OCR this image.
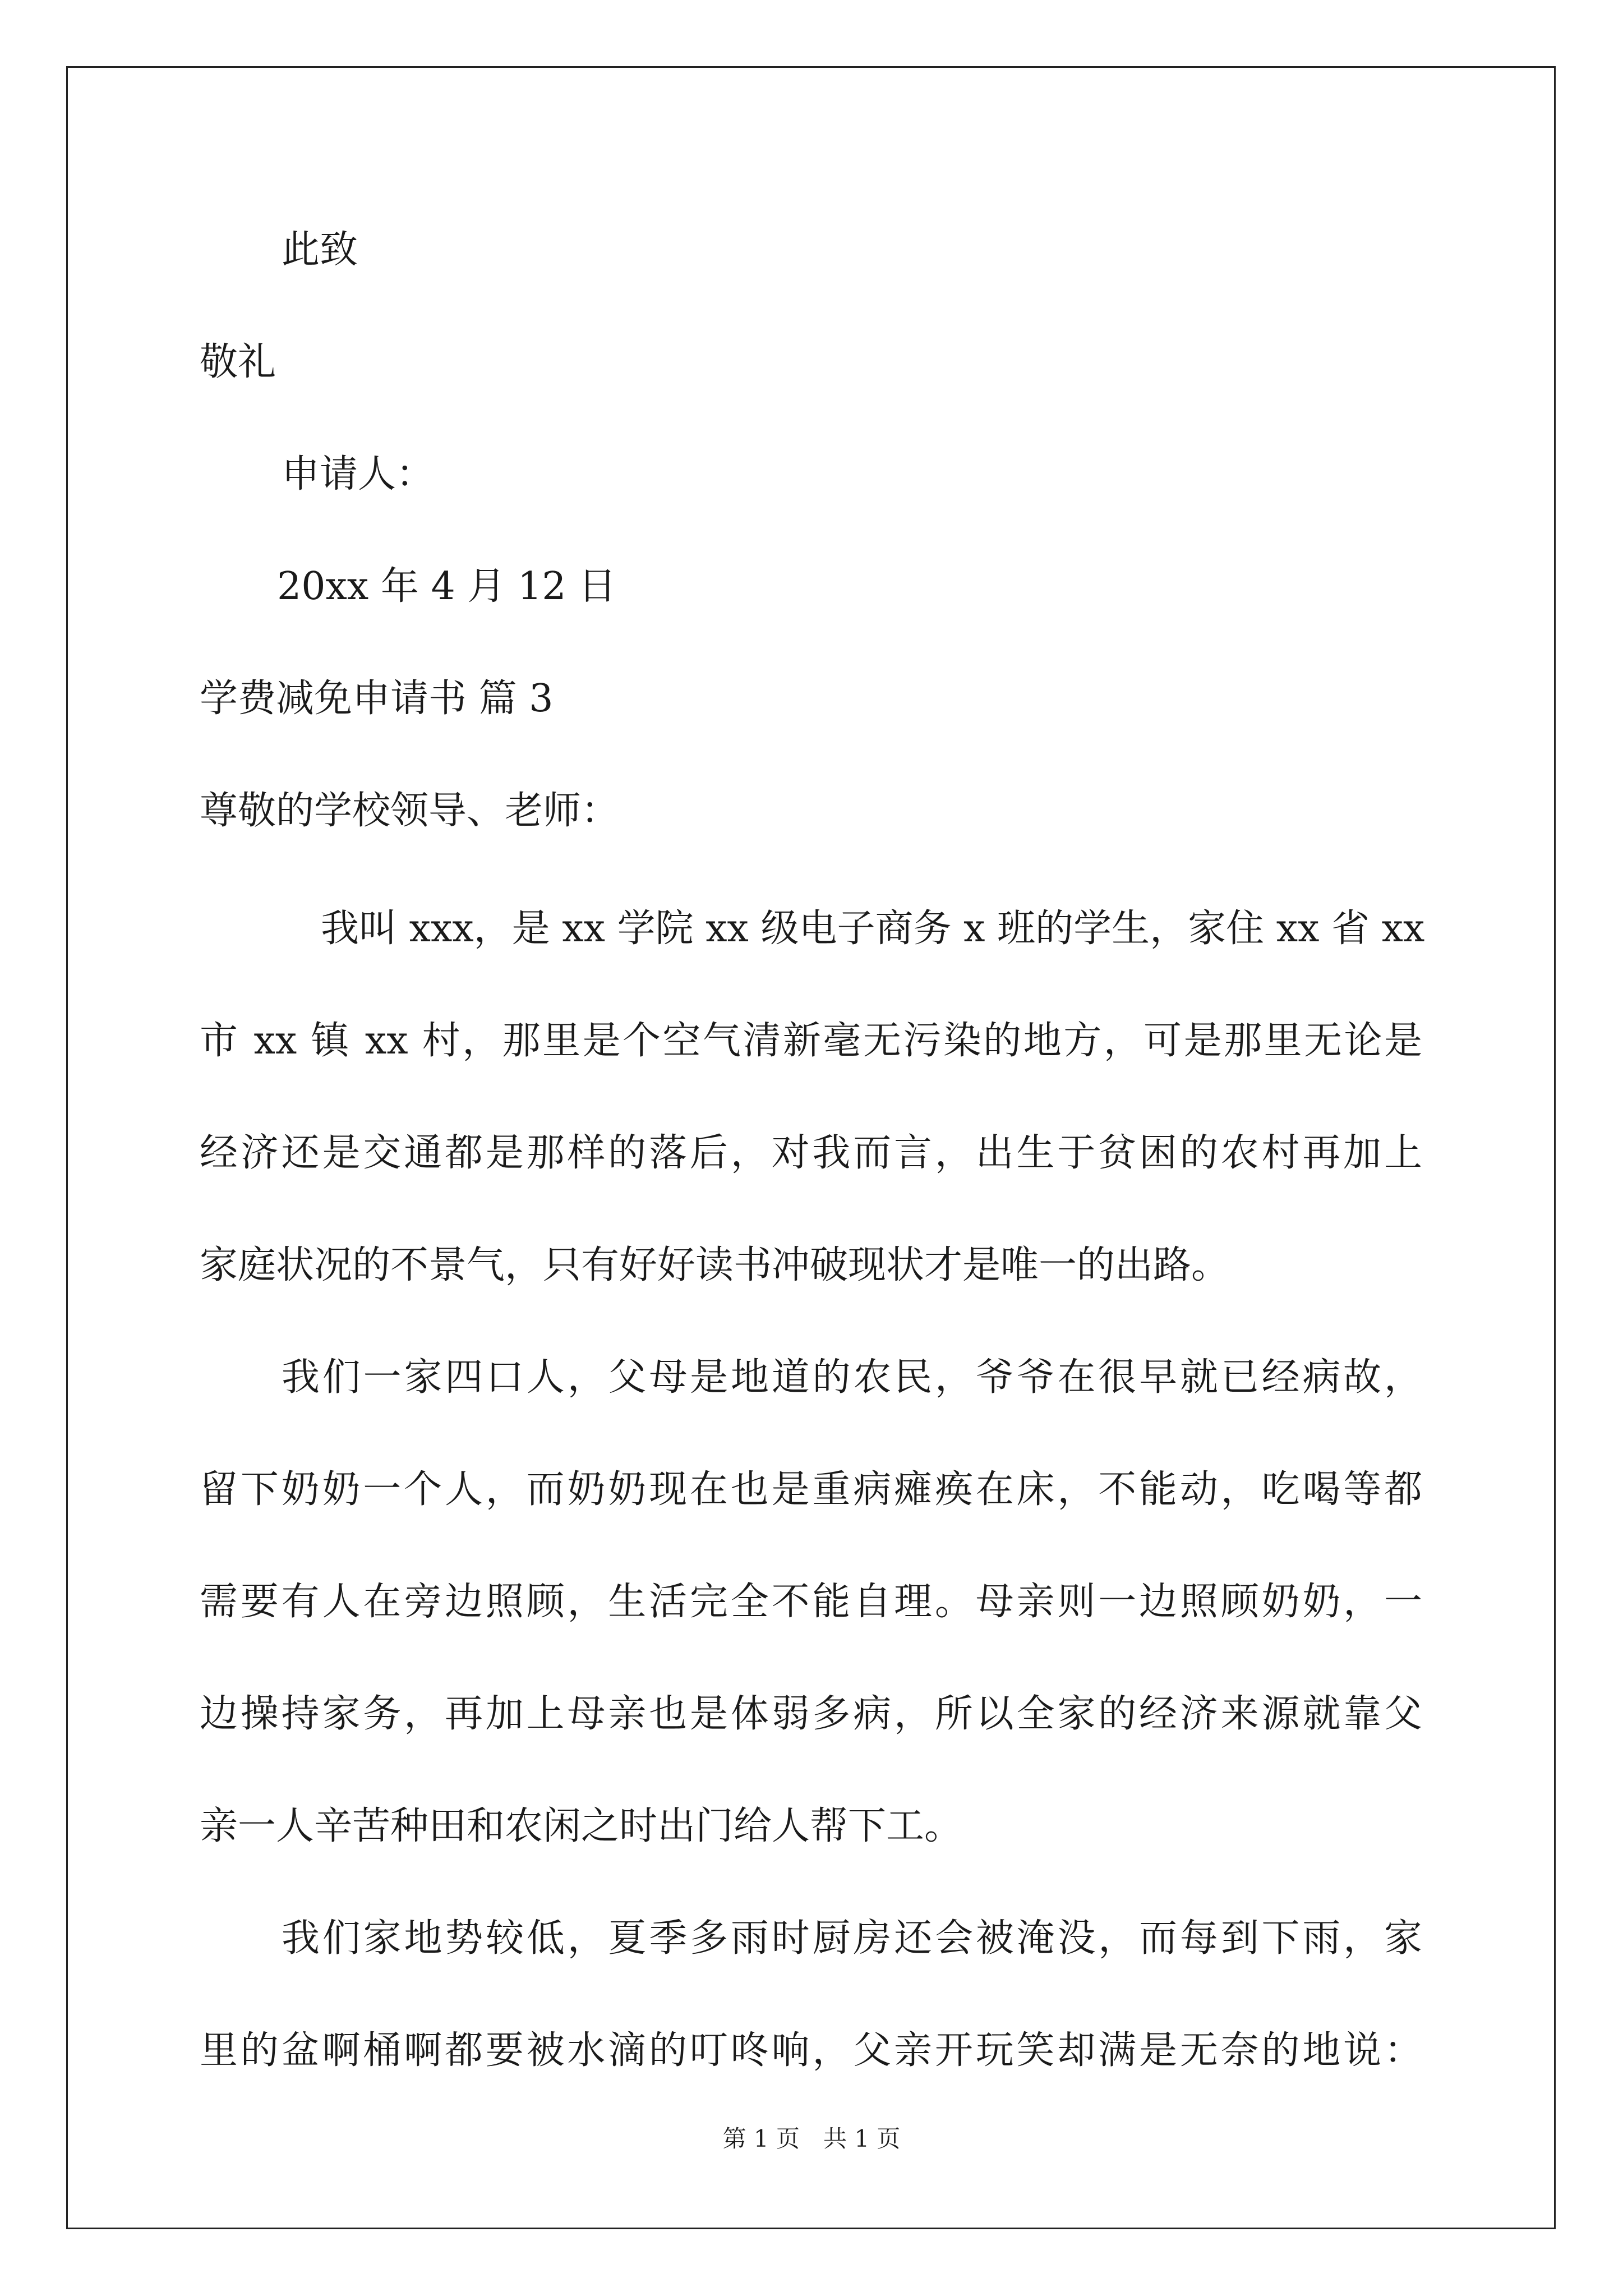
此致
敬礼
申请人：
20xx 年 4 月 12 日
学费减免申请书 篇 3
尊敬的学校领导、老师：
我叫 xxx，是 xx 学院 xx 级电子商务 x 班的学生，家住 xx 省 xx
市 xx 镇 xx 村，那里是个空气清新毫无污染的地方，可是那里无论是
经济还是交通都是那样的落后，对我而言，出生于贫困的农村再加上
家庭状况的不景气，只有好好读书冲破现状才是唯一的出路。
我们一家四口人，父母是地道的农民，爷爷在很早就已经病故，
留下奶奶一个人，而奶奶现在也是重病瘫痪在床，不能动，吃喝等都
需要有人在旁边照顾，生活完全不能自理。母亲则一边照顾奶奶，一
边操持家务，再加上母亲也是体弱多病，所以全家的经济来源就靠父
亲一人辛苦种田和农闲之时出门给人帮下工。
我们家地势较低，夏季多雨时厨房还会被淹没，而每到下雨，家
里的盆啊桶啊都要被水滴的叮咚响，父亲开玩笑却满是无奈的地说：
第 1 页　共 1 页
